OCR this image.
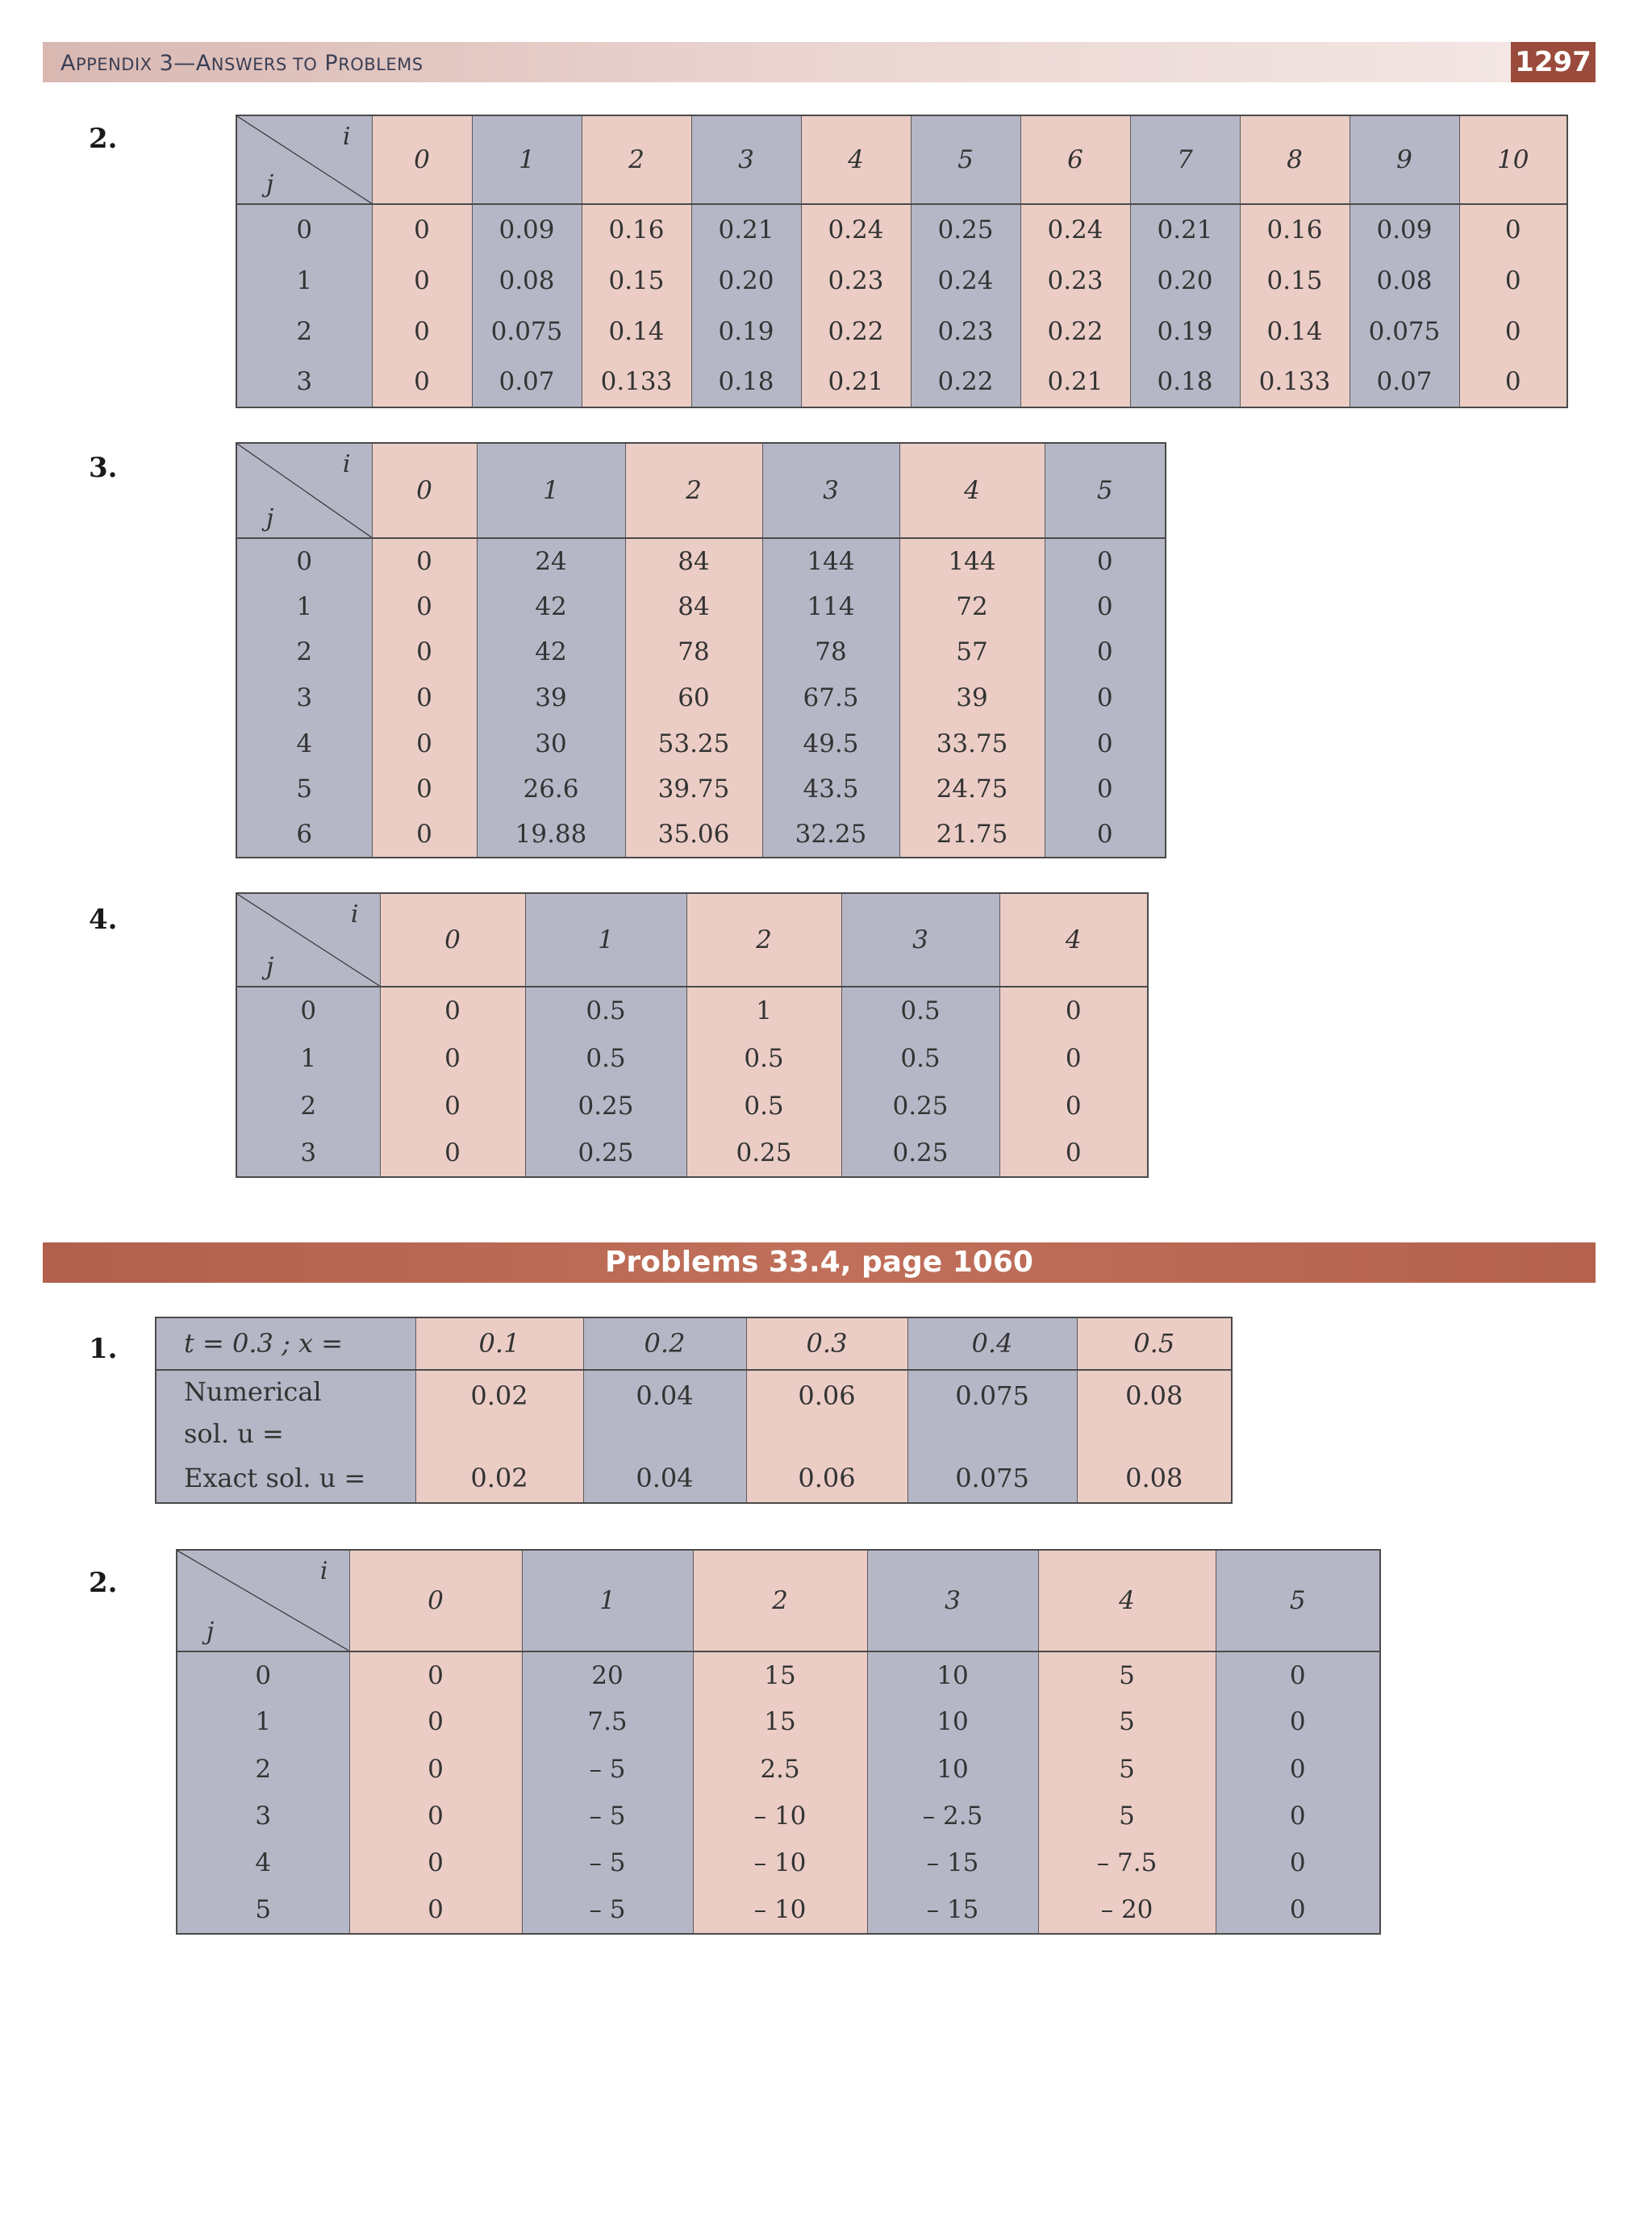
APPENDIX 3—ANSWERS TO PROBLEMS	1297
2.	i
j	0	1	2	3	4	5	6	7	8	9	10
0	0	0.09	0.16	0.21	0.24	0.25	0.24	0.21	0.16	0.09	0
1	0	0.08	0.15	0.20	0.23	0.24	0.23	0.20	0.15	0.08	0
2	0	0.075	0.14	0.19	0.22	0.23	0.22	0.19	0.14	0.075	0
3	0	0.07	0.133	0.18	0.21	0.22	0.21	0.18	0.133	0.07	0
3.	i
j	0	1	2	3	4	5
0	0	24	84	144	144	0
1	0	42	84	114	72	0
2	0	42	78	78	57	0
3	0	39	60	67.5	39	0
4	0	30	53.25	49.5	33.75	0
5	0	26.6	39.75	43.5	24.75	0
6	0	19.88	35.06	32.25	21.75	0
4.	i
j	0	1	2	3	4
0	0	0.5	1	0.5	0
1	0	0.5	0.5	0.5	0
2	0	0.25	0.5	0.25	0
3	0	0.25	0.25	0.25	0
Problems 33.4, page 1060
1.	t = 0.3 ; x =	0.1	0.2	0.3	0.4	0.5
Numerical	0.02	0.04	0.06	0.075	0.08
sol. u =					
Exact sol. u =	0.02	0.04	0.06	0.075	0.08
2.	i
j	0	1	2	3	4	5
0	0	20	15	10	5	0
1	0	7.5	15	10	5	0
2	0	– 5	2.5	10	5	0
3	0	– 5	– 10	– 2.5	5	0
4	0	– 5	– 10	– 15	– 7.5	0
5	0	– 5	– 10	– 15	– 20	0
